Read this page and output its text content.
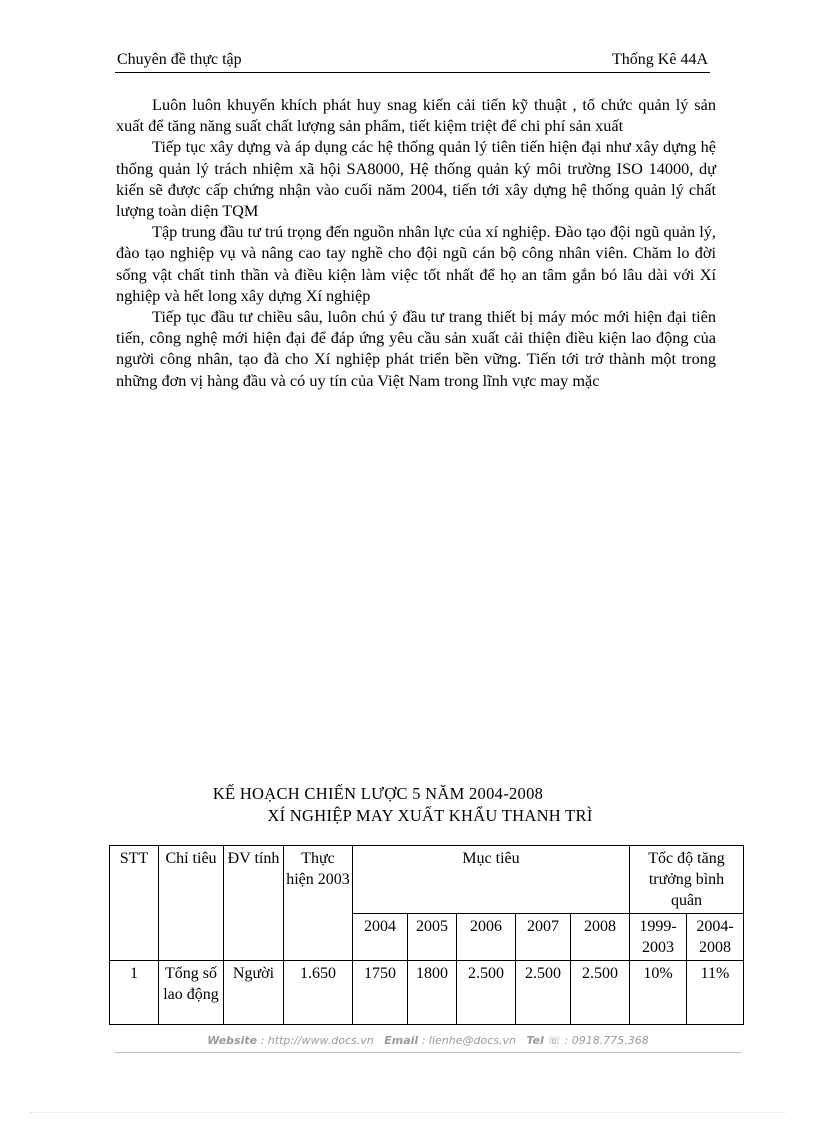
Chuyên đề thực tập	Thống Kê 44A

Luôn luôn khuyến khích phát huy snag kiến cải tiến kỹ thuật , tổ chức quản lý sản xuất để tăng năng suất chất lượng sản phẩm, tiết kiệm triệt để chi phí sản xuất

Tiếp tục xây dựng và áp dụng các hệ thống quản lý tiên tiến hiện đại như xây dựng hệ thống quản lý trách nhiệm xã hội SA8000, Hệ thống quản ký môi trường ISO 14000, dự kiến sẽ được cấp chứng nhận vào cuối năm 2004, tiến tới xây dựng hệ thống quản lý chất lượng toàn diện TQM

Tập trung đầu tư trú trọng đến nguồn nhân lực của xí nghiệp. Đào tạo đội ngũ quản lý, đào tạo nghiệp vụ và nâng cao tay nghề cho đội ngũ cán bộ công nhân viên. Chăm lo đời sống vật chất tinh thần và điều kiện làm việc tốt nhất để họ an tâm gắn bó lâu dài với Xí nghiệp và hết long xây dựng Xí nghiệp

Tiếp tục đầu tư chiều sâu, luôn chú ý đầu tư trang thiết bị máy móc mới hiện đại tiên tiến, công nghệ mới hiện đại để đáp ứng yêu cầu sản xuất cải thiện điều kiện lao động của người công nhân, tạo đà cho Xí nghiệp phát triển bền vững. Tiến tới trở thành một trong những đơn vị hàng đầu và có uy tín của Việt Nam trong lĩnh vực may mặc

KẾ HOẠCH CHIẾN LƯỢC 5 NĂM 2004-2008
XÍ NGHIỆP MAY XUẤT KHẨU THANH TRÌ
STT	Chỉ tiêu	ĐV tính	Thực hiện 2003	Mục tiêu					Tốc độ tăng trưởng bình quân	
				2004	2005	2006	2007	2008	1999-2003	2004-2008
1	Tổng số lao động	Người	1.650	1750	1800	2.500	2.500	2.500	10%	11%
Website : http://www.docs.vn Email : lienhe@docs.vn Tel ☏ : 0918.775.368
